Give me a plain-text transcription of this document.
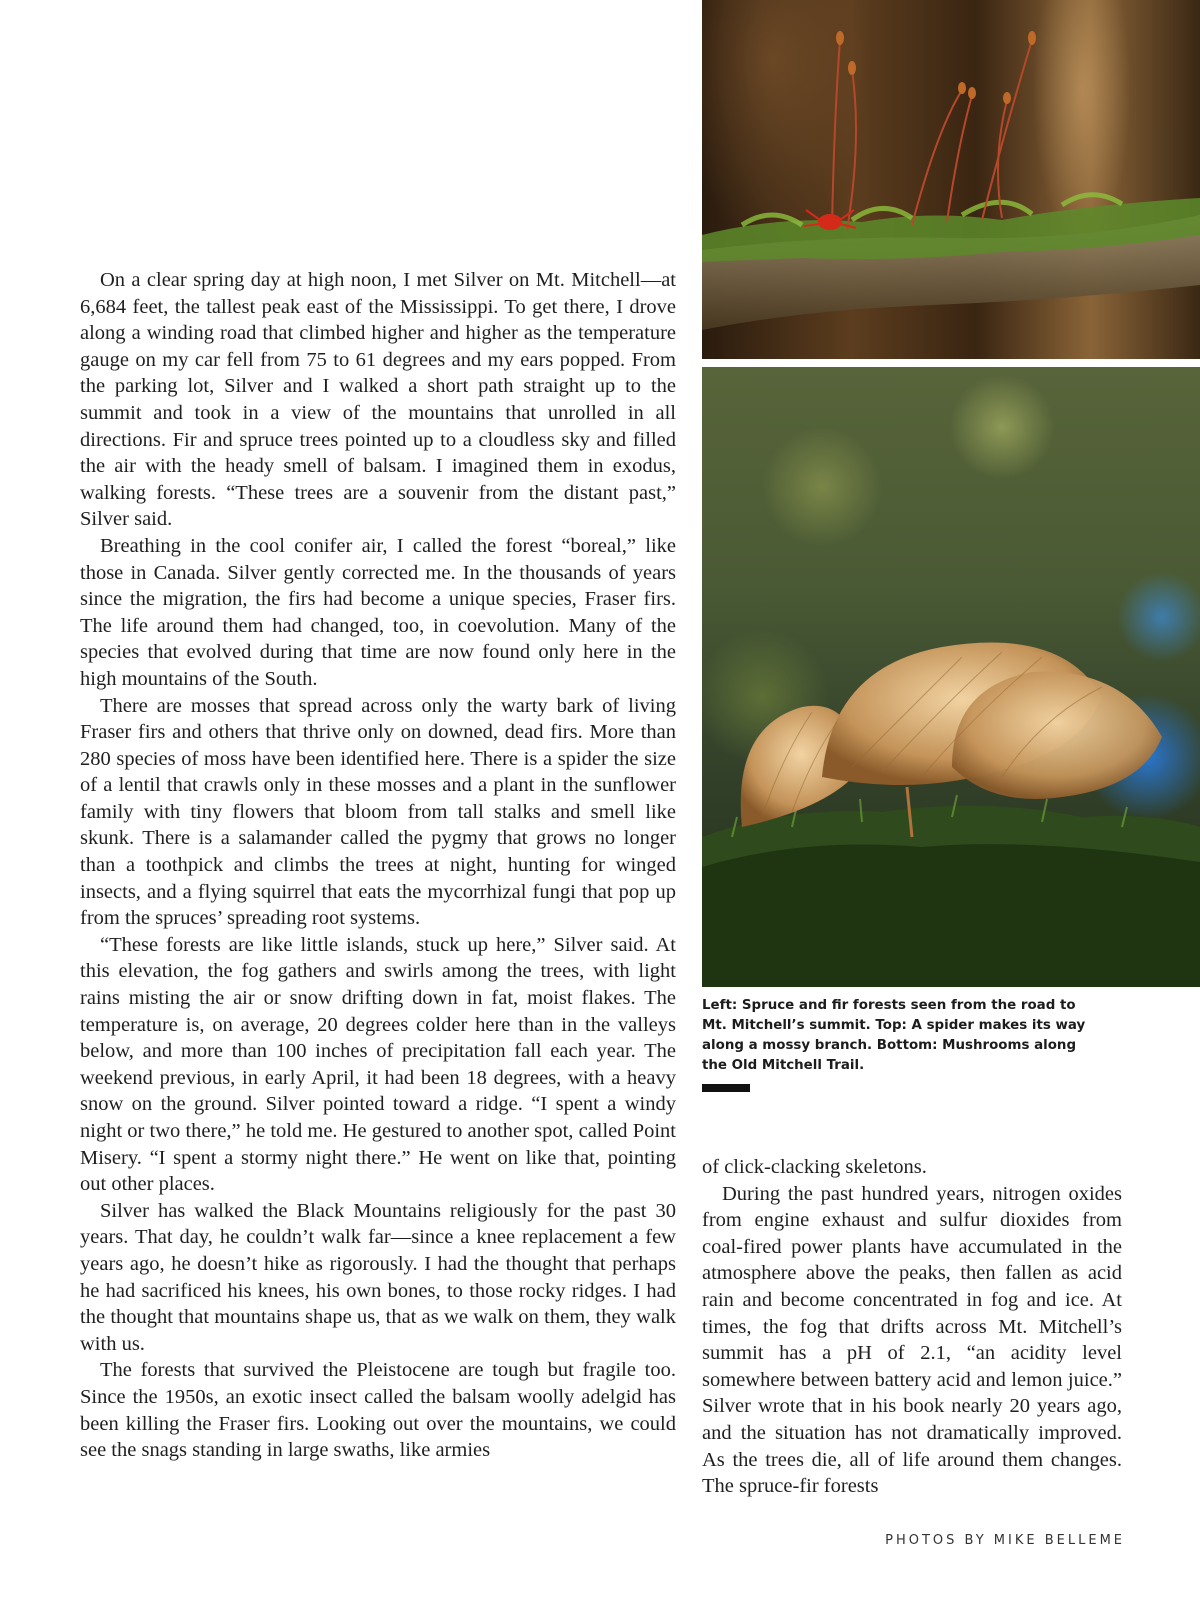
On a clear spring day at high noon, I met Silver on Mt. Mitchell—at 6,684 feet, the tallest peak east of the Mississippi. To get there, I drove along a winding road that climbed higher and higher as the temperature gauge on my car fell from 75 to 61 degrees and my ears popped. From the parking lot, Silver and I walked a short path straight up to the summit and took in a view of the mountains that unrolled in all directions. Fir and spruce trees pointed up to a cloudless sky and filled the air with the heady smell of balsam. I imagined them in exodus, walking forests. “These trees are a souvenir from the distant past,” Silver said.

Breathing in the cool conifer air, I called the forest “boreal,” like those in Canada. Silver gently corrected me. In the thousands of years since the migration, the firs had become a unique species, Fraser firs. The life around them had changed, too, in coevolution. Many of the species that evolved during that time are now found only here in the high mountains of the South.

There are mosses that spread across only the warty bark of living Fraser firs and others that thrive only on downed, dead firs. More than 280 species of moss have been identified here. There is a spider the size of a lentil that crawls only in these mosses and a plant in the sunflower family with tiny flowers that bloom from tall stalks and smell like skunk. There is a salamander called the pygmy that grows no longer than a toothpick and climbs the trees at night, hunting for winged insects, and a flying squirrel that eats the mycorrhizal fungi that pop up from the spruces’ spreading root systems.

“These forests are like little islands, stuck up here,” Silver said. At this elevation, the fog gathers and swirls among the trees, with light rains misting the air or snow drifting down in fat, moist flakes. The temperature is, on average, 20 degrees colder here than in the valleys below, and more than 100 inches of precipitation fall each year. The weekend previous, in early April, it had been 18 degrees, with a heavy snow on the ground. Silver pointed toward a ridge. “I spent a windy night or two there,” he told me. He gestured to another spot, called Point Misery. “I spent a stormy night there.” He went on like that, pointing out other places.

Silver has walked the Black Mountains religiously for the past 30 years. That day, he couldn’t walk far—since a knee replacement a few years ago, he doesn’t hike as rigorously. I had the thought that perhaps he had sacrificed his knees, his own bones, to those rocky ridges. I had the thought that mountains shape us, that as we walk on them, they walk with us.

The forests that survived the Pleistocene are tough but fragile too. Since the 1950s, an exotic insect called the balsam woolly adelgid has been killing the Fraser firs. Looking out over the mountains, we could see the snags standing in large swaths, like armies

Left: Spruce and fir forests seen from the road to Mt. Mitchell’s summit. Top: A spider makes its way along a mossy branch. Bottom: Mushrooms along the Old Mitchell Trail.

of click-clacking skeletons.

During the past hundred years, nitrogen oxides from engine exhaust and sulfur dioxides from coal-fired power plants have accumulated in the atmosphere above the peaks, then fallen as acid rain and become concentrated in fog and ice. At times, the fog that drifts across Mt. Mitchell’s summit has a pH of 2.1, “an acidity level somewhere between battery acid and lemon juice.” Silver wrote that in his book nearly 20 years ago, and the situation has not dramatically improved. As the trees die, all of life around them changes. The spruce-fir forests

PHOTOS BY MIKE BELLEME
